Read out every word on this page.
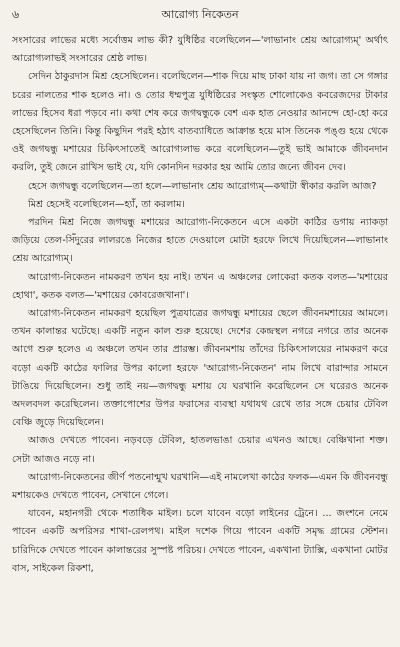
৬	আরোগ্য নিকেতন

সংসারের লাভের মধ্যে সর্বোত্তম লাভ কী? যুধিষ্ঠির বলেছিলেন—'লাভানাং শ্রেয় আরোগ্যম্' অর্থাৎ আরোগ্যলাভই সংসারের শ্রেষ্ঠ লাভ।

সেদিন ঠাকুরদাস মিশ্র হেসেছিলেন। বলেছিলেন—শাক দিয়ে মাছ ঢাকা যায় না জগ। তা সে গঙ্গার চরের নালতের শাক হলেও না। ও তোর ধম্মপুত্র যুধিষ্ঠিরের সংস্কৃত শোলোকেও কবরেজদের টাকার লাভের হিসেব ধরা পড়বে না। কথা শেষ করে জগদ্বন্ধুকে বেশ এক হাত নেওয়ার আনন্দে হো-হো করে হেসেছিলেন তিনি। কিন্তু কিছুদিন পরই হঠাৎ বাতব্যাধিতে আক্রান্ত হয়ে মাস তিনেক পঙ্গু হয়ে থেকে ওই জগদ্বন্ধু মশায়ের চিকিৎসাতেই আরোগ্যলাভ করে বলেছিলেন—তুই ভাই আমাকে জীবনদান করলি, তুই জেনে রাখিস ভাই যে, যদি কোনদিন দরকার হয় আমি তোর জন্যে জীবন দেব।

হেসে জগদ্বন্ধু বলেছিলেন—তা হলে—লাভানাং শ্রেয় আরোগ্যম্—কথাটা স্বীকার করলি আজ?

মিশ্র হেসেই বলেছিলেন—হ্যাঁ, তা করলাম।

পরদিন মিশ্র নিজে জগদ্বন্ধু মশায়ের আরোগ্য-নিকেতনে এসে একটা কাঠির ডগায় ন্যাকড়া জড়িয়ে তেল-সিঁদুরের লালরঙে নিজের হাতে দেওয়ালে মোটা হরফে লিখে দিয়েছিলেন—লাভানাং শ্রেয় আরোগ্যম্।

আরোগ্য-নিকেতন নামকরণ তখন হয় নাই। তখন এ অঞ্চলের লোকেরা কতক বলত—'মশায়ের হোথা', কতক বলত—'মশায়ের কোবরেজখানা'।

আরোগ্য-নিকেতন নামকরণ হয়েছিল পুত্রযাত্রের জগদ্বন্ধু মশায়ের ছেলে জীবনমশায়ের আমলে। তখন কালান্তর ঘটেছে। একটি নতুন কাল শুরু হয়েছে। দেশের কেন্দ্রস্থল নগরে নগরে তার অনেক আগে শুরু হলেও এ অঞ্চলে তখন তার প্রারম্ভ। জীবনমশায় তাঁদের চিকিৎসালয়ের নামকরণ করে বড়ো একটি কাঠের ফালির উপর কালো হরফে 'আরোগ্য-নিকেতন' নাম লিখে বারান্দার সামনে টাঙিয়ে দিয়েছিলেন। শুধু তাই নয়—জগদ্বন্ধু মশায় যে ঘরখানি করেছিলেন সে ঘরেরও অনেক অদলবদল করেছিলেন। তক্তাপোশের উপর ফরাসের ব্যবস্থা যথাযথ রেখে তার সঙ্গে চেয়ার টেবিল বেঞ্চি জুড়ে দিয়েছিলেন।

আজও দেখতে পাবেন। নড়বড়ে টেবিল, হাতলভাঙা চেয়ার এখনও আছে। বেঞ্চিখানা শক্ত। সেটা আজও নড়ে না।

আরোগ্য-নিকেতনের জীর্ণ পতনোন্মুখ ঘরখানি—এই নামলেখা কাঠের ফলক—এমন কি জীবনবন্ধু মশায়কেও দেখতে পাবেন, সেখানে গেলে।

যাবেন, মহানগরী থেকে শতাধিক মাইল। চলে যাবেন বড়ো লাইনের ট্রেনে। ... জংশনে নেমে পাবেন একটি অপরিসর শাখা-রেলপথ। মাইল দশেক গিয়ে পাবেন একটি সমৃদ্ধ গ্রামের স্টেশন। চারিদিকে দেখতে পাবেন কালান্তরের সুস্পষ্ট পরিচয়। দেখতে পাবেন, একখানা ট্যাক্সি, একখানা মোটর বাস, সাইকেল রিকশা,
